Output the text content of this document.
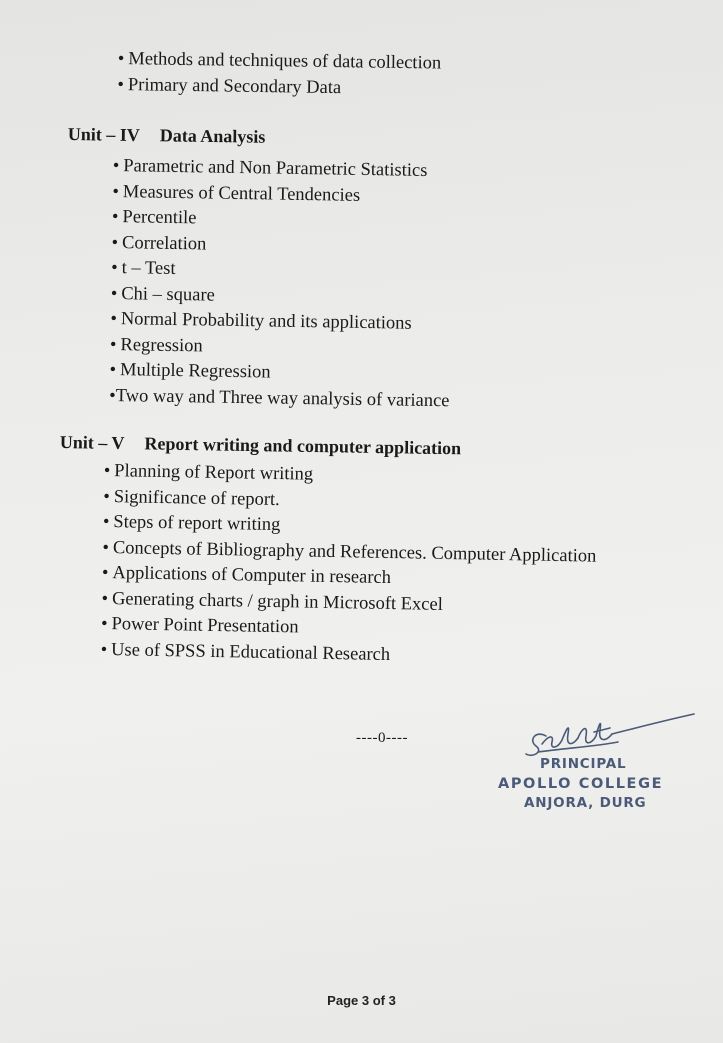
• Methods and techniques of data collection
• Primary and Secondary Data
Unit – IV Data Analysis
• Parametric and Non Parametric Statistics
• Measures of Central Tendencies
• Percentile
• Correlation
• t – Test
• Chi – square
• Normal Probability and its applications
• Regression
• Multiple Regression
•Two way and Three way analysis of variance
Unit – V Report writing and computer application
• Planning of Report writing
• Significance of report.
• Steps of report writing
• Concepts of Bibliography and References. Computer Application
• Applications of Computer in research
• Generating charts / graph in Microsoft Excel
• Power Point Presentation
• Use of SPSS in Educational Research
----0----
PRINCIPAL
APOLLO COLLEGE
ANJORA, DURG
Page 3 of 3
